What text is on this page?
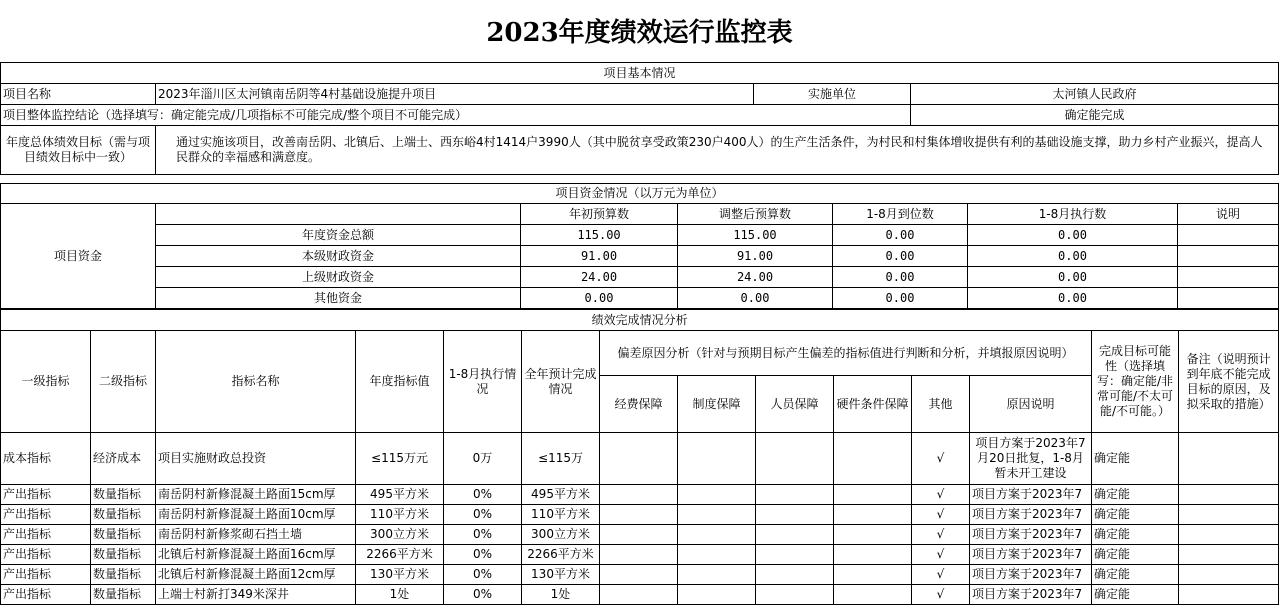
2023年度绩效运行监控表
项目基本情况			
项目名称	2023年淄川区太河镇南岳阴等4村基础设施提升项目	实施单位	太河镇人民政府
项目整体监控结论（选择填写：确定能完成/几项指标不可能完成/整个项目不可能完成）			确定能完成
年度总体绩效目标（需与项目绩效目标中一致）	通过实施该项目，改善南岳阴、北镇后、上端士、西东峪4村1414户3990人（其中脱贫享受政策230户400人）的生产生活条件，为村民和村集体增收提供有利的基础设施支撑，助力乡村产业振兴，提高人民群众的幸福感和满意度。		
项目资金情况（以万元为单位）						
项目资金		年初预算数	调整后预算数	1-8月到位数	1-8月执行数	说明
	年度资金总额	115.00	115.00	0.00	0.00	
	本级财政资金	91.00	91.00	0.00	0.00	
	上级财政资金	24.00	24.00	0.00	0.00	
	其他资金	0.00	0.00	0.00	0.00	
绩效完成情况分析													
一级指标	二级指标	指标名称	年度指标值	1-8月执行情况	全年预计完成情况	偏差原因分析（针对与预期目标产生偏差的指标值进行判断和分析，并填报原因说明）						完成目标可能性（选择填写：确定能/非常可能/不太可能/不可能。）	备注（说明预计到年底不能完成目标的原因，及拟采取的措施）
						经费保障	制度保障	人员保障	硬件条件保障	其他	原因说明		
成本指标	经济成本	项目实施财政总投资	≤115万元	0万	≤115万					√	项目方案于2023年7月20日批复，1-8月暂未开工建设	确定能	
产出指标	数量指标	南岳阴村新修混凝土路面15cm厚	495平方米	0%	495平方米					√	项目方案于2023年7	确定能	
产出指标	数量指标	南岳阴村新修混凝土路面10cm厚	110平方米	0%	110平方米					√	项目方案于2023年7	确定能	
产出指标	数量指标	南岳阴村新修浆砌石挡土墙	300立方米	0%	300立方米					√	项目方案于2023年7	确定能	
产出指标	数量指标	北镇后村新修混凝土路面16cm厚	2266平方米	0%	2266平方米					√	项目方案于2023年7	确定能	
产出指标	数量指标	北镇后村新修混凝土路面12cm厚	130平方米	0%	130平方米					√	项目方案于2023年7	确定能	
产出指标	数量指标	上端士村新打349米深井	1处	0%	1处					√	项目方案于2023年7	确定能	
